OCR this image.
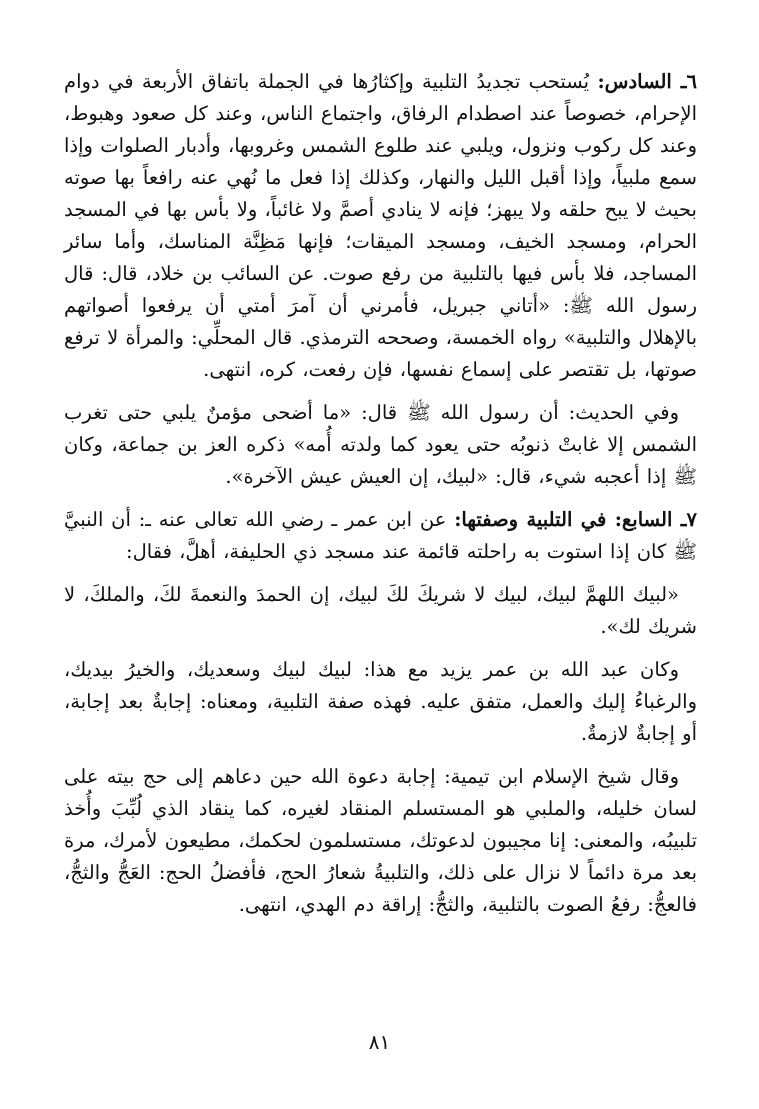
٦ـ السادس: يُستحب تجديدُ التلبية وإكثارُها في الجملة باتفاق الأربعة في دوام الإحرام، خصوصاً عند اصطدام الرفاق، واجتماع الناس، وعند كل صعود وهبوط، وعند كل ركوب ونزول، ويلبي عند طلوع الشمس وغروبها، وأدبار الصلوات وإذا سمع ملبياً، وإذا أقبل الليل والنهار، وكذلك إذا فعل ما نُهي عنه رافعاً بها صوته بحيث لا يبح حلقه ولا يبهز؛ فإنه لا ينادي أصمَّ ولا غائباً، ولا بأس بها في المسجد الحرام، ومسجد الخيف، ومسجد الميقات؛ فإنها مَظِنَّة المناسك، وأما سائر المساجد، فلا بأس فيها بالتلبية من رفع صوت. عن السائب بن خلاد، قال: قال رسول الله ﷺ: «أتاني جبريل، فأمرني أن آمرَ أمتي أن يرفعوا أصواتهم بالإهلال والتلبية» رواه الخمسة، وصححه الترمذي. قال المحلِّي: والمرأة لا ترفع صوتها، بل تقتصر على إسماع نفسها، فإن رفعت، كره، انتهى.

وفي الحديث: أن رسول الله ﷺ قال: «ما أضحى مؤمنٌ يلبي حتى تغرب الشمس إلا غابتْ ذنوبُه حتى يعود كما ولدته أُمه» ذكره العز بن جماعة، وكان ﷺ إذا أعجبه شيء، قال: «لبيك، إن العيش عيش الآخرة».

٧ـ السابع: في التلبية وصفتها: عن ابن عمر ـ رضي الله تعالى عنه ـ: أن النبيَّ ﷺ كان إذا استوت به راحلته قائمة عند مسجد ذي الحليفة، أهلَّ، فقال:

«لبيك اللهمَّ لبيك، لبيك لا شريكَ لكَ لبيك، إن الحمدَ والنعمةَ لكَ، والملكَ، لا شريك لك».

وكان عبد الله بن عمر يزيد مع هذا: لبيك لبيك وسعديك، والخيرُ بيديك، والرغباءُ إليك والعمل، متفق عليه. فهذه صفة التلبية، ومعناه: إجابةٌ بعد إجابة، أو إجابةٌ لازمةٌ.

وقال شيخ الإسلام ابن تيمية: إجابة دعوة الله حين دعاهم إلى حج بيته على لسان خليله، والملبي هو المستسلم المنقاد لغيره، كما ينقاد الذي لُبِّبَ وأُخذ تلبيبُه، والمعنى: إنا مجيبون لدعوتك، مستسلمون لحكمك، مطيعون لأمرك، مرة بعد مرة دائماً لا نزال على ذلك، والتلبيةُ شعارُ الحج، فأفضلُ الحج: العَجُّ والثجُّ، فالعجُّ: رفعُ الصوت بالتلبية، والثجُّ: إراقة دم الهدي، انتهى.

٨١
